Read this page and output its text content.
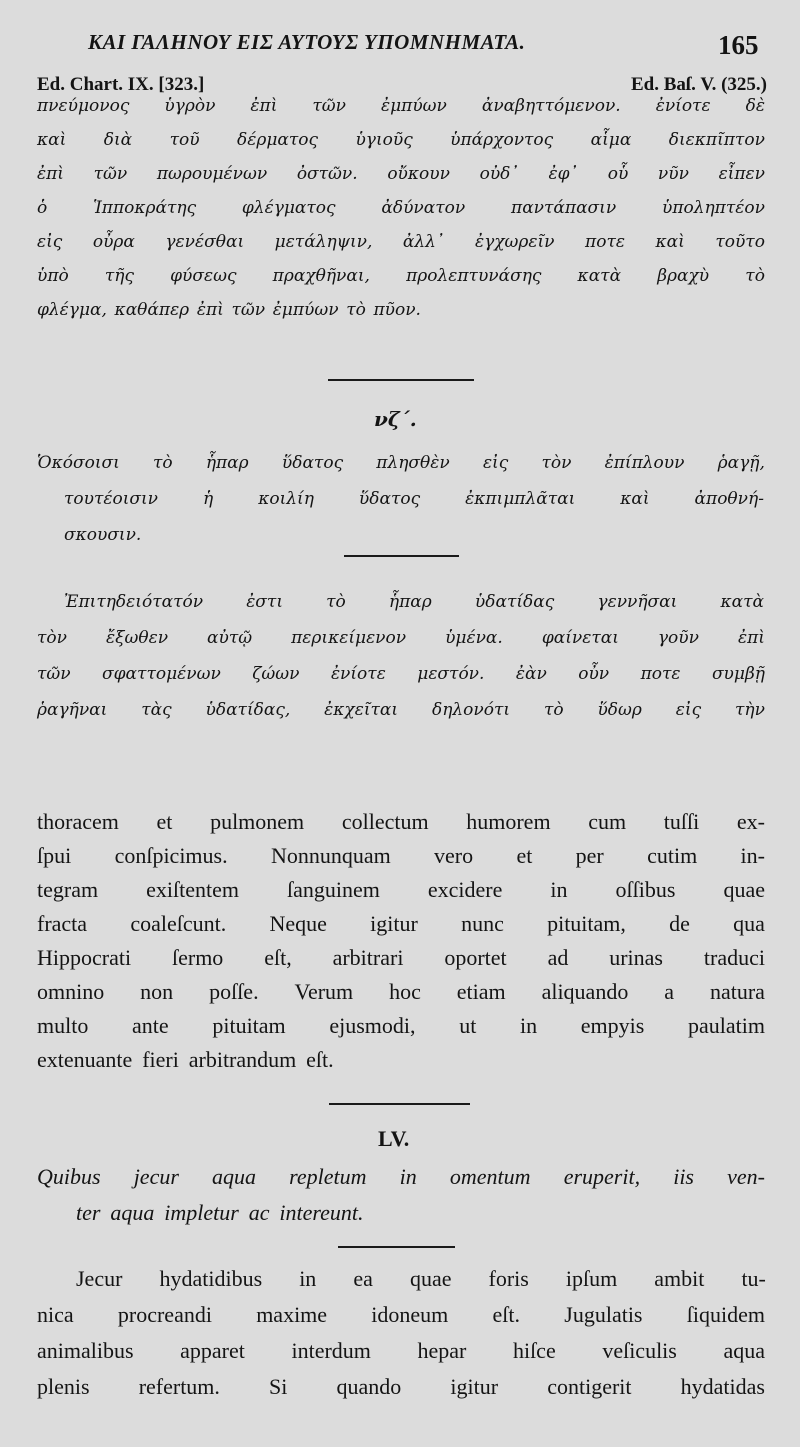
ΚΑΙ ΓΑΛΗΝΟΥ ΕΙΣ ΑΥΤΟΥΣ ΥΠΟΜΝΗΜΑΤΑ.	165
Ed. Chart. IX. [323.]	Ed. Baſ. V. (325.)
πνεύμονος ὑγρὸν ἐπὶ τῶν ἐμπύων ἀναβηττόμενον. ἐνίοτε δὲ
καὶ διὰ τοῦ δέρματος ὑγιοῦς ὑπάρχοντος αἷμα διεκπῖπτον
ἐπὶ τῶν πωρουμένων ὀστῶν. οὔκουν οὐδ᾽ ἐφ᾽ οὗ νῦν εἶπεν
ὁ	Ἱπποκράτης	φλέγματος	ἀδύνατον	παντάπασιν	ὑποληπτέον
εἰς οὖρα γενέσθαι μετάληψιν, ἀλλ᾽ ἐγχωρεῖν ποτε καὶ τοῦτο
ὑπὸ τῆς φύσεως πραχθῆναι, προλεπτυνάσης κατὰ βραχὺ τὸ
φλέγμα, καθάπερ ἐπὶ τῶν ἐμπύων τὸ πῦον.
νζ΄.
Ὁκόσοισι τὸ ἧπαρ ὕδατος πλησθὲν εἰς τὸν ἐπίπλουν ῥαγῇ,
τουτέοισιν	ἡ	κοιλίη	ὕδατος	ἐκπιμπλᾶται	καὶ	ἀποθνή-
σκουσιν.
Ἐπιτηδειότατόν	ἐστι	τὸ	ἧπαρ	ὑδατίδας	γεννῆσαι	κατὰ
τὸν ἔξωθεν αὐτῷ περικείμενον ὑμένα. φαίνεται γοῦν ἐπὶ
τῶν σφαττομένων ζώων ἐνίοτε μεστόν. ἐὰν οὖν ποτε συμβῇ
ῥαγῆναι τὰς ὑδατίδας, ἐκχεῖται δηλονότι τὸ ὕδωρ εἰς τὴν
thoracem et pulmonem collectum humorem cum tuſſi ex-
ſpui conſpicimus. Nonnunquam vero et per cutim in-
tegram exiſtentem ſanguinem excidere in oſſibus quae
fracta coaleſcunt. Neque igitur nunc pituitam, de qua
Hippocrati ſermo eſt, arbitrari oportet ad urinas traduci
omnino non poſſe. Verum hoc etiam aliquando a natura
multo ante pituitam ejusmodi, ut in empyis paulatim
extenuante fieri arbitrandum eſt.
LV.
Quibus jecur aqua repletum in omentum eruperit, iis ven-
ter aqua impletur ac intereunt.
Jecur hydatidibus in ea quae foris ipſum ambit tu-
nica procreandi maxime idoneum eſt. Jugulatis ſiquidem
animalibus apparet interdum hepar hiſce veſiculis aqua
plenis refertum. Si quando igitur contigerit hydatidas
